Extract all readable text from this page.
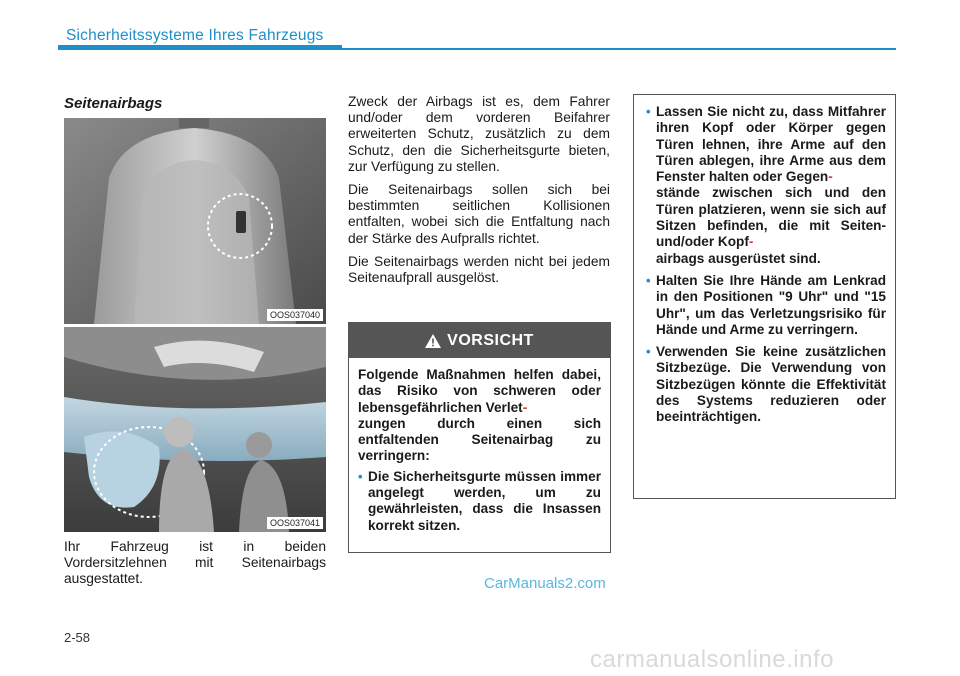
Sicherheitssysteme Ihres Fahrzeugs
Seitenairbags
OOS037040
OOS037041
Ihr Fahrzeug ist in beiden Vordersitzlehnen mit Seitenairbags ausgestattet.

Zweck der Airbags ist es, dem Fahrer und/oder dem vorderen Beifahrer erweiterten Schutz, zusätzlich zu dem Schutz, den die Sicherheitsgurte bieten, zur Verfügung zu stellen.

Die Seitenairbags sollen sich bei bestimmten seitlichen Kollisionen entfalten, wobei sich die Entfaltung nach der Stärke des Aufpralls richtet.

Die Seitenairbags werden nicht bei jedem Seitenaufprall ausgelöst.

VORSICHT

Folgende Maßnahmen helfen dabei, das Risiko von schweren oder lebensgefährlichen Verlet-
zungen durch einen sich entfaltenden Seitenairbag zu verringern:

• Die Sicherheitsgurte müssen immer angelegt werden, um zu gewährleisten, dass die Insassen korrekt sitzen.
• Lassen Sie nicht zu, dass Mitfahrer ihren Kopf oder Körper gegen Türen lehnen, ihre Arme auf den Türen ablegen, ihre Arme aus dem Fenster halten oder Gegen-
stände zwischen sich und den Türen platzieren, wenn sie sich auf Sitzen befinden, die mit Seiten- und/oder Kopf-
airbags ausgerüstet sind.
• Halten Sie Ihre Hände am Lenkrad in den Positionen "9 Uhr" und "15 Uhr", um das Verletzungsrisiko für Hände und Arme zu verringern.
• Verwenden Sie keine zusätzlichen Sitzbezüge. Die Verwendung von Sitzbezügen könnte die Effektivität des Systems reduzieren oder beeinträchtigen.
CarManuals2.com
2-58
carmanualsonline.info
